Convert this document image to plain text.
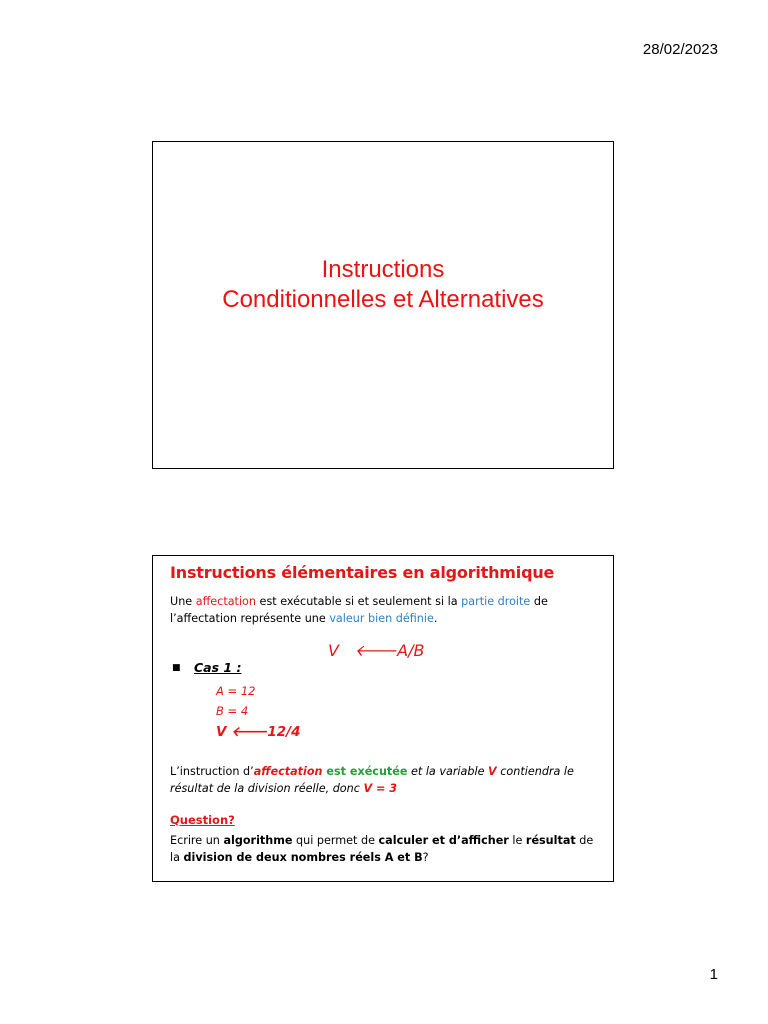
28/02/2023
Instructions
Conditionnelles et Alternatives
Instructions élémentaires en algorithmique
Une affectation est exécutable si et seulement si la partie droite de l’affectation représente une valeur bien définie.
V 🡐A/B
■ Cas 1 :
A = 12
B = 4
V 🡐12/4
L’instruction d’affectation est exécutée et la variable V contiendra le résultat de la division réelle, donc V = 3
Question?
Ecrire un algorithme qui permet de calculer et d’afficher le résultat de la division de deux nombres réels A et B?
1
